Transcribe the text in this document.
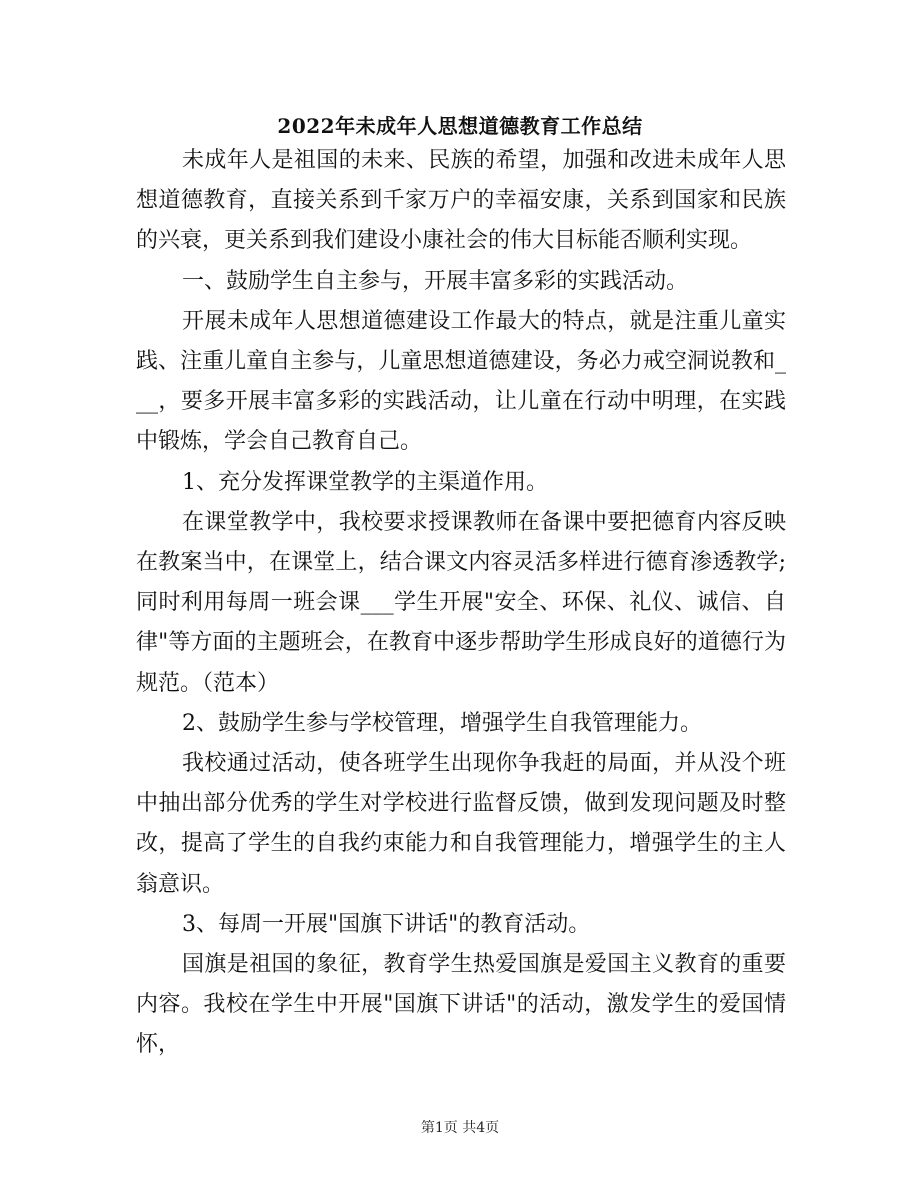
2022年未成年人思想道德教育工作总结

未成年人是祖国的未来、民族的希望，加强和改进未成年人思想道德教育，直接关系到千家万户的幸福安康，关系到国家和民族的兴衰，更关系到我们建设小康社会的伟大目标能否顺利实现。

一、鼓励学生自主参与，开展丰富多彩的实践活动。

开展未成年人思想道德建设工作最大的特点，就是注重儿童实践、注重儿童自主参与，儿童思想道德建设，务必力戒空洞说教和___，要多开展丰富多彩的实践活动，让儿童在行动中明理，在实践中锻炼，学会自己教育自己。

1、充分发挥课堂教学的主渠道作用。

在课堂教学中，我校要求授课教师在备课中要把德育内容反映在教案当中，在课堂上，结合课文内容灵活多样进行德育渗透教学;同时利用每周一班会课___学生开展"安全、环保、礼仪、诚信、自律"等方面的主题班会，在教育中逐步帮助学生形成良好的道德行为规范。（范本）

2、鼓励学生参与学校管理，增强学生自我管理能力。

我校通过活动，使各班学生出现你争我赶的局面，并从没个班中抽出部分优秀的学生对学校进行监督反馈，做到发现问题及时整改，提高了学生的自我约束能力和自我管理能力，增强学生的主人翁意识。

3、每周一开展"国旗下讲话"的教育活动。

国旗是祖国的象征，教育学生热爱国旗是爱国主义教育的重要内容。我校在学生中开展"国旗下讲话"的活动，激发学生的爱国情怀，

第1页 共4页
